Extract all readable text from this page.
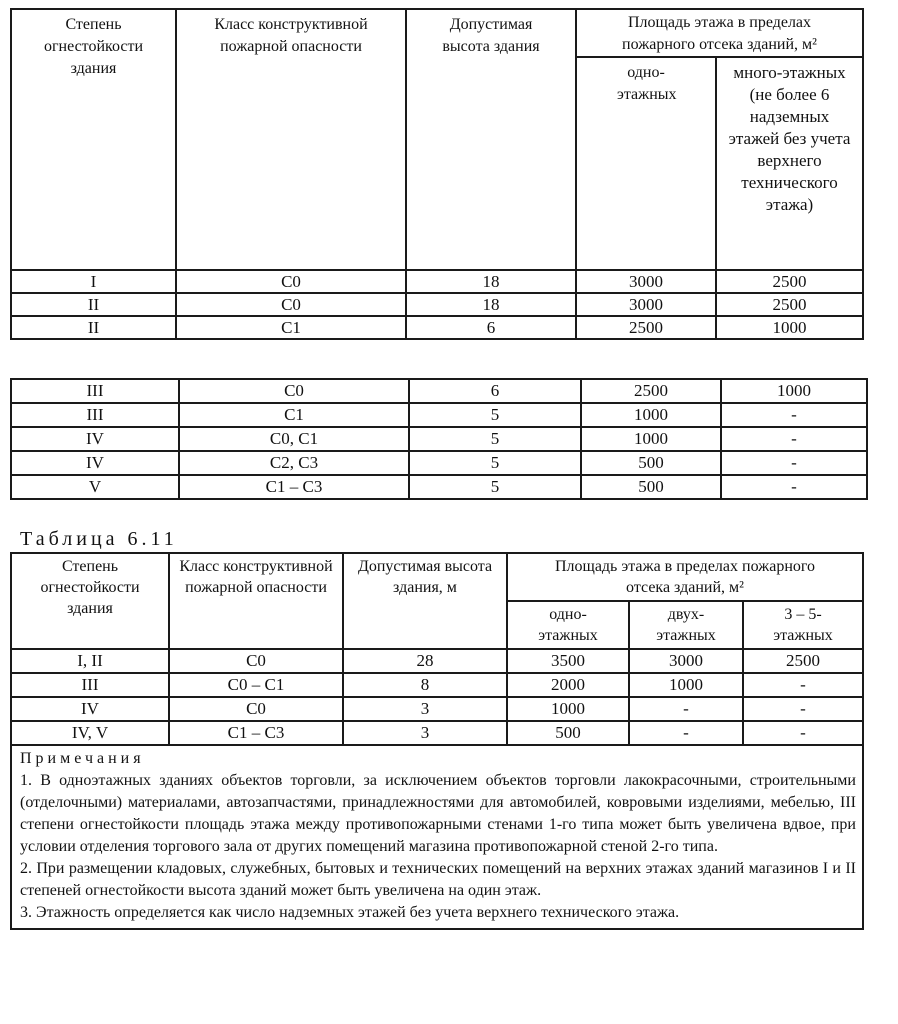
Степень огнестойкости здания	Класс конструктивной пожарной опасности	Допустимая высота здания	Площадь этажа в пределах пожарного отсека зданий, м²	
			одно-этажных	много-этажных (не более 6 надземных этажей без учета верхнего технического этажа)
I	С0	18	3000	2500
II	С0	18	3000	2500
II	С1	6	2500	1000
III	С0	6	2500	1000
III	С1	5	1000	-
IV	С0, С1	5	1000	-
IV	С2, С3	5	500	-
V	С1 – С3	5	500	-
Таблица 6.11
Степень огнестойкости здания	Класс конструктивной пожарной опасности	Допустимая высота здания, м	Площадь этажа в пределах пожарного отсека зданий, м²		
			одно-этажных	двух-этажных	3 – 5-этажных
I, II	С0	28	3500	3000	2500
III	С0 – С1	8	2000	1000	-
IV	С0	3	1000	-	-
IV, V	С1 – С3	3	500	-	-

Примечания

1. В одноэтажных зданиях объектов торговли, за исключением объектов торговли лакокрасочными, строительными (отделочными) материалами, автозапчастями, принадлежностями для автомобилей, ковровыми изделиями, мебелью, III степени огнестойкости площадь этажа между противопожарными стенами 1-го типа может быть увеличена вдвое, при условии отделения торгового зала от других помещений магазина противопожарной стеной 2-го типа.

2. При размещении кладовых, служебных, бытовых и технических помещений на верхних этажах зданий магазинов I и II степеней огнестойкости высота зданий может быть увеличена на один этаж.

3. Этажность определяется как число надземных этажей без учета верхнего технического этажа.					
